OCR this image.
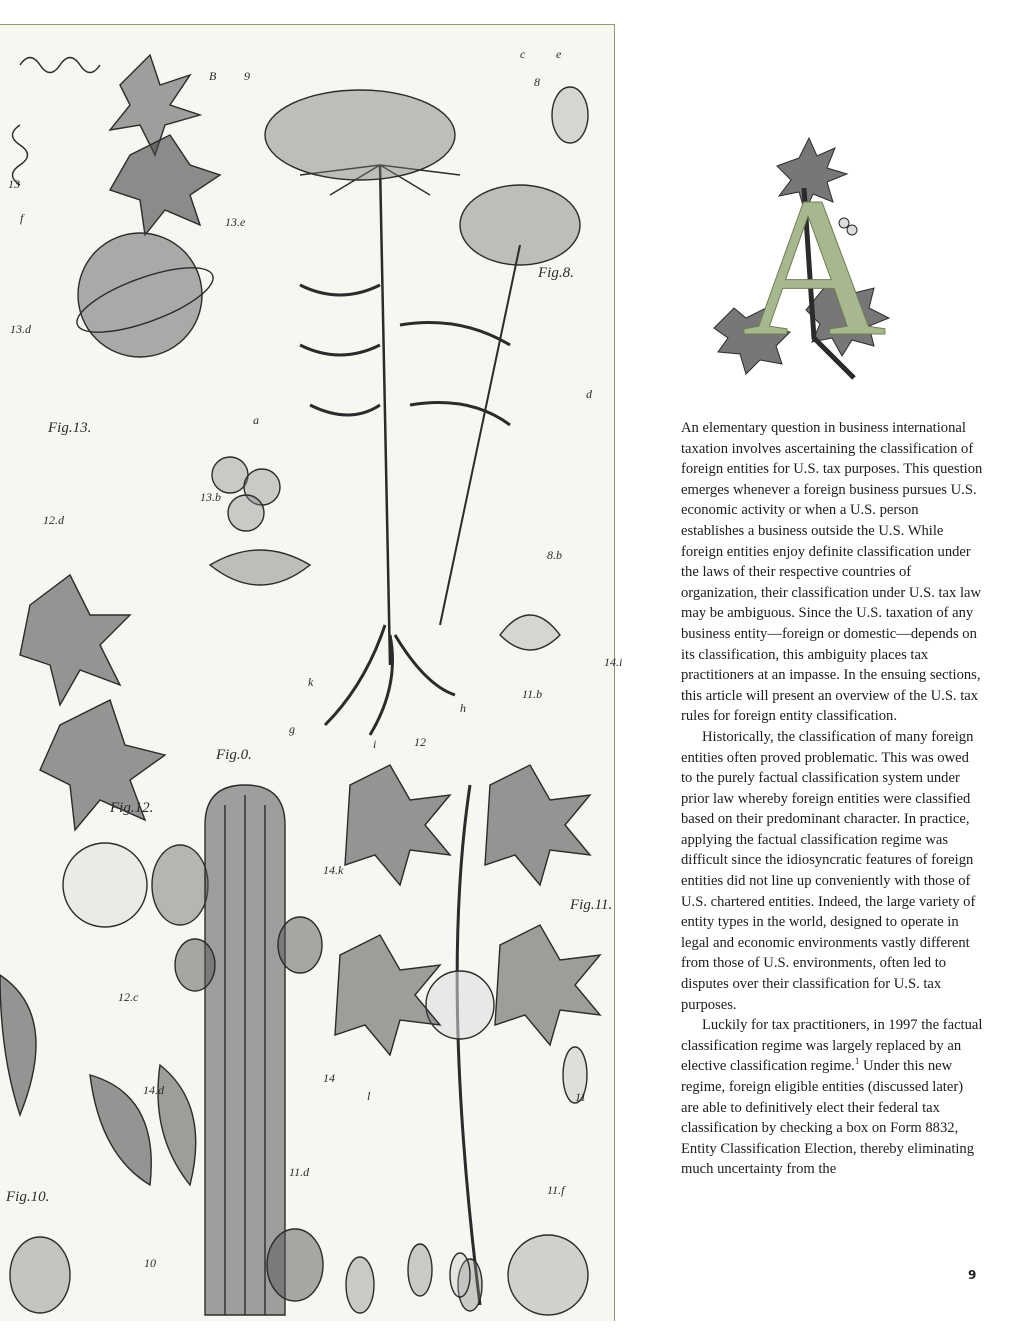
Fig.8.
Fig.13.
Fig.0.
Fig.12.
Fig.11.
Fig.10.
B 9
c	e
8
13
13.d
13.e
13.b
12.d
12.c
14.d
14.k
14.i
11.b
11.d
11.f
8.b
12
14
11
10
a
d
h
i
k
l
g
f	A

An elementary question in business international taxation involves ascertaining the classification of foreign entities for U.S. tax purposes. This question emerges whenever a foreign business pursues U.S. economic activity or when a U.S. person establishes a business outside the U.S. While foreign entities enjoy definite classification under the laws of their respective countries of organization, their classification under U.S. tax law may be ambiguous. Since the U.S. taxation of any business entity—foreign or domestic—depends on its classification, this ambiguity places tax practitioners at an impasse. In the ensuing sections, this article will present an overview of the U.S. tax rules for foreign entity classification.

Historically, the classification of many foreign entities often proved problematic. This was owed to the purely factual classification system under prior law whereby foreign entities were classified based on their predominant character. In practice, applying the factual classification regime was difficult since the idiosyncratic features of foreign entities did not line up conveniently with those of U.S. chartered entities. Indeed, the large variety of entity types in the world, designed to operate in legal and economic environments vastly different from those of U.S. environments, often led to disputes over their classification for U.S. tax purposes.

Luckily for tax practitioners, in 1997 the factual classification regime was largely replaced by an elective classification regime.$^1$ Under this new regime, foreign eligible entities (discussed later) are able to definitively elect their federal tax classification by checking a box on Form 8832, Entity Classification Election, thereby eliminating much uncertainty from the

9
